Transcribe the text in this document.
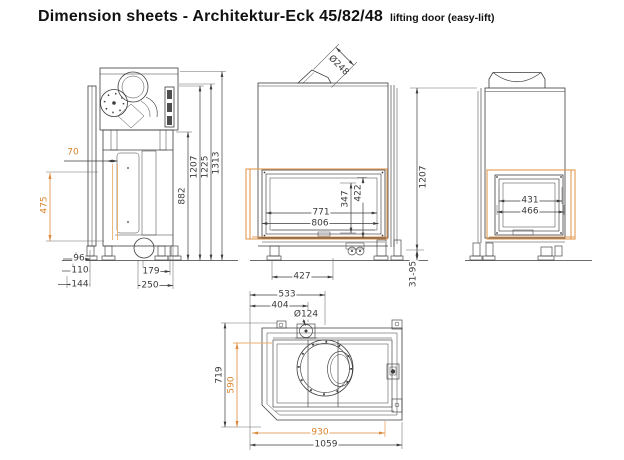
Dimension sheets - Architektur-Eck 45/82/48 lifting door (easy-lift)
70
475
96
110
144
179
250
882
1207 1225 1313
Ø248
771
806
347 422
427
1207
31-95
431
466
533
404
Ø124
719
590
930
1059
